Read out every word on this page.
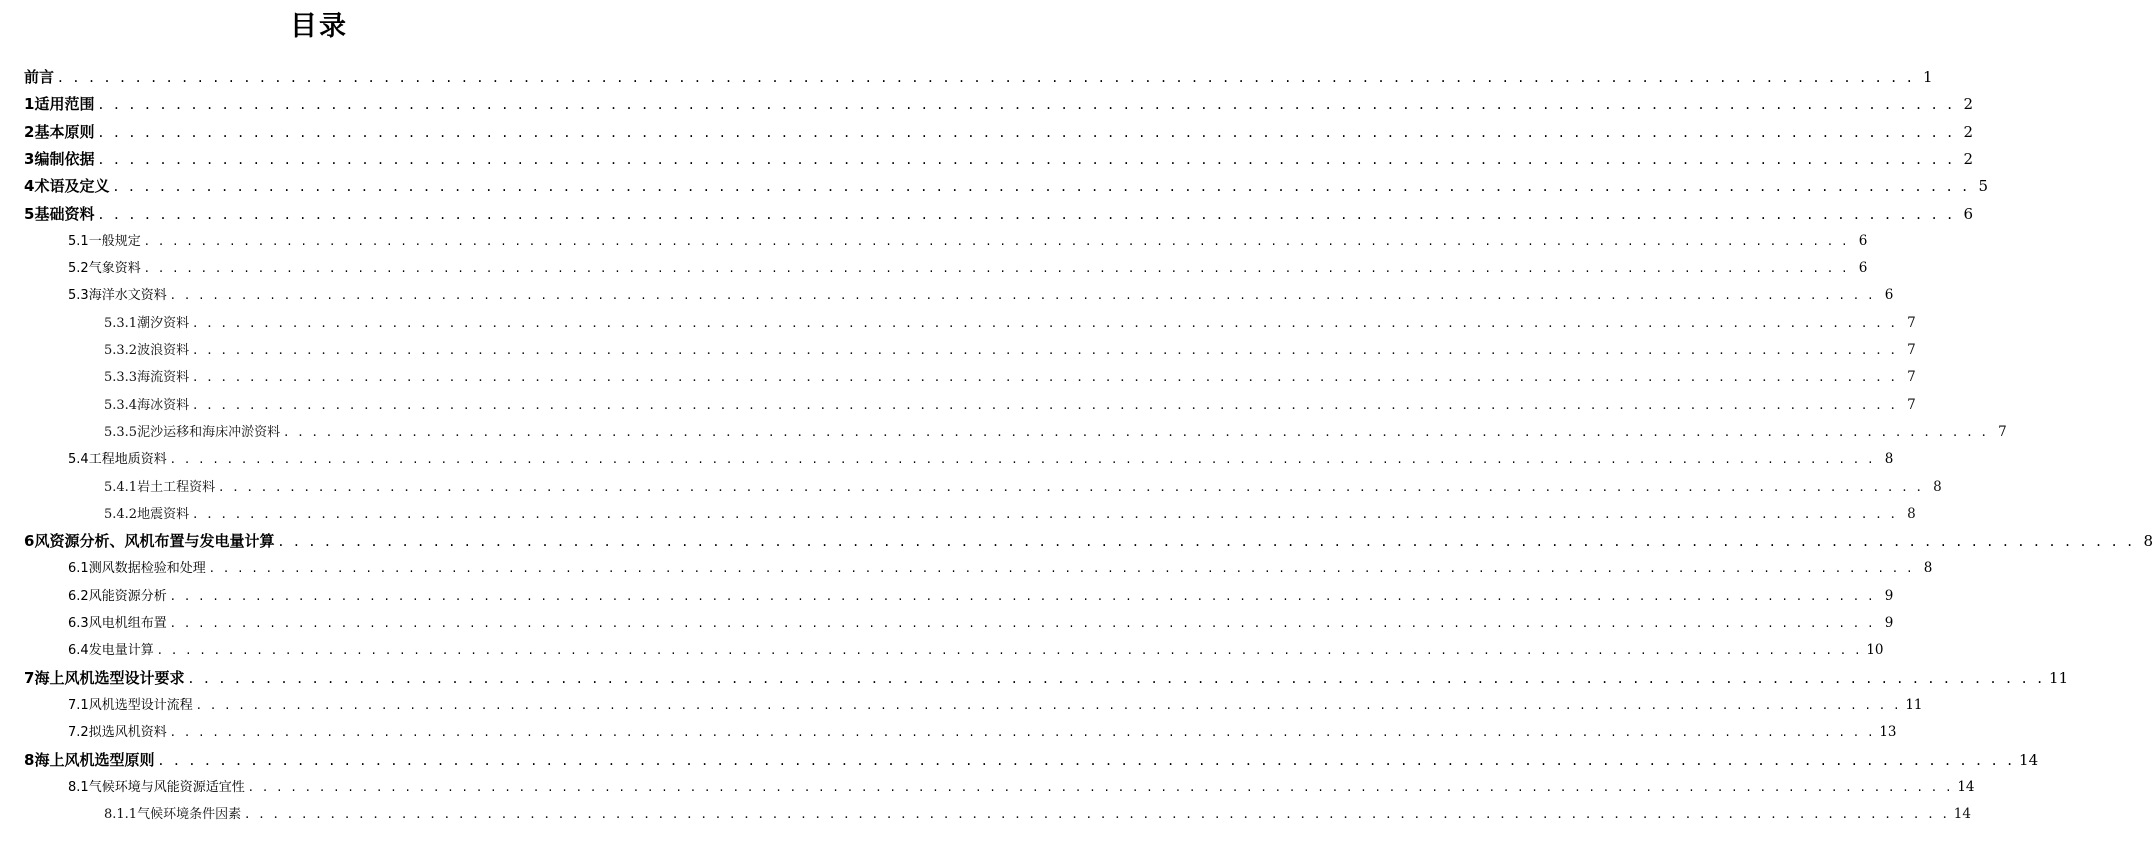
目录
前言 . . . . . . . . . . . . . . . . . . . . . . . . . . . . . . . . . . . . . . . . . . . . . . . . . . . . . . . . . . . . . . . . . . . . . . . . . . . . . . . . . . . . . . . . . . . . . . . . . . . . . . . . . . . . . . . . . . . . . . . . 1
1 适用范围 . . . . . . . . . . . . . . . . . . . . . . . . . . . . . . . . . . . . . . . . . . . . . . . . . . . . . . . . . . . . . . . . . . . . . . . . . . . . . . . . . . . . . . . . . . . . . . . . . . . . . . . . . . . . . . . . . . . . . . . . 2
2 基本原则 . . . . . . . . . . . . . . . . . . . . . . . . . . . . . . . . . . . . . . . . . . . . . . . . . . . . . . . . . . . . . . . . . . . . . . . . . . . . . . . . . . . . . . . . . . . . . . . . . . . . . . . . . . . . . . . . . . . . . . . . 2
3 编制依据 . . . . . . . . . . . . . . . . . . . . . . . . . . . . . . . . . . . . . . . . . . . . . . . . . . . . . . . . . . . . . . . . . . . . . . . . . . . . . . . . . . . . . . . . . . . . . . . . . . . . . . . . . . . . . . . . . . . . . . . . 2
4 术语及定义 . . . . . . . . . . . . . . . . . . . . . . . . . . . . . . . . . . . . . . . . . . . . . . . . . . . . . . . . . . . . . . . . . . . . . . . . . . . . . . . . . . . . . . . . . . . . . . . . . . . . . . . . . . . . . . . . . . . . . . . . 5
5 基础资料 . . . . . . . . . . . . . . . . . . . . . . . . . . . . . . . . . . . . . . . . . . . . . . . . . . . . . . . . . . . . . . . . . . . . . . . . . . . . . . . . . . . . . . . . . . . . . . . . . . . . . . . . . . . . . . . . . . . . . . . . 6
5.1 一般规定 . . . . . . . . . . . . . . . . . . . . . . . . . . . . . . . . . . . . . . . . . . . . . . . . . . . . . . . . . . . . . . . . . . . . . . . . . . . . . . . . . . . . . . . . . . . . . . . . . . . . . . . . . . . . . . . . . . . . . . . . 6
5.2 气象资料 . . . . . . . . . . . . . . . . . . . . . . . . . . . . . . . . . . . . . . . . . . . . . . . . . . . . . . . . . . . . . . . . . . . . . . . . . . . . . . . . . . . . . . . . . . . . . . . . . . . . . . . . . . . . . . . . . . . . . . . . 6
5.3 海洋水文资料 . . . . . . . . . . . . . . . . . . . . . . . . . . . . . . . . . . . . . . . . . . . . . . . . . . . . . . . . . . . . . . . . . . . . . . . . . . . . . . . . . . . . . . . . . . . . . . . . . . . . . . . . . . . . . . . . . . . . . . . . 6
5.3.1 潮汐资料 . . . . . . . . . . . . . . . . . . . . . . . . . . . . . . . . . . . . . . . . . . . . . . . . . . . . . . . . . . . . . . . . . . . . . . . . . . . . . . . . . . . . . . . . . . . . . . . . . . . . . . . . . . . . . . . . . . . . . . . . 7
5.3.2 波浪资料 . . . . . . . . . . . . . . . . . . . . . . . . . . . . . . . . . . . . . . . . . . . . . . . . . . . . . . . . . . . . . . . . . . . . . . . . . . . . . . . . . . . . . . . . . . . . . . . . . . . . . . . . . . . . . . . . . . . . . . . . 7
5.3.3 海流资料 . . . . . . . . . . . . . . . . . . . . . . . . . . . . . . . . . . . . . . . . . . . . . . . . . . . . . . . . . . . . . . . . . . . . . . . . . . . . . . . . . . . . . . . . . . . . . . . . . . . . . . . . . . . . . . . . . . . . . . . . 7
5.3.4 海冰资料 . . . . . . . . . . . . . . . . . . . . . . . . . . . . . . . . . . . . . . . . . . . . . . . . . . . . . . . . . . . . . . . . . . . . . . . . . . . . . . . . . . . . . . . . . . . . . . . . . . . . . . . . . . . . . . . . . . . . . . . . 7
5.3.5 泥沙运移和海床冲淤资料 . . . . . . . . . . . . . . . . . . . . . . . . . . . . . . . . . . . . . . . . . . . . . . . . . . . . . . . . . . . . . . . . . . . . . . . . . . . . . . . . . . . . . . . . . . . . . . . . . . . . . . . . . . . . . . . . . . . . . . . . 7
5.4 工程地质资料 . . . . . . . . . . . . . . . . . . . . . . . . . . . . . . . . . . . . . . . . . . . . . . . . . . . . . . . . . . . . . . . . . . . . . . . . . . . . . . . . . . . . . . . . . . . . . . . . . . . . . . . . . . . . . . . . . . . . . . . . 8
5.4.1 岩土工程资料 . . . . . . . . . . . . . . . . . . . . . . . . . . . . . . . . . . . . . . . . . . . . . . . . . . . . . . . . . . . . . . . . . . . . . . . . . . . . . . . . . . . . . . . . . . . . . . . . . . . . . . . . . . . . . . . . . . . . . . . . 8
5.4.2 地震资料 . . . . . . . . . . . . . . . . . . . . . . . . . . . . . . . . . . . . . . . . . . . . . . . . . . . . . . . . . . . . . . . . . . . . . . . . . . . . . . . . . . . . . . . . . . . . . . . . . . . . . . . . . . . . . . . . . . . . . . . . 8
6 风资源分析、风机布置与发电量计算 . . . . . . . . . . . . . . . . . . . . . . . . . . . . . . . . . . . . . . . . . . . . . . . . . . . . . . . . . . . . . . . . . . . . . . . . . . . . . . . . . . . . . . . . . . . . . . . . . . . . . . . . . . . . . . . . . . . . . . . . 8
6.1 测风数据检验和处理 . . . . . . . . . . . . . . . . . . . . . . . . . . . . . . . . . . . . . . . . . . . . . . . . . . . . . . . . . . . . . . . . . . . . . . . . . . . . . . . . . . . . . . . . . . . . . . . . . . . . . . . . . . . . . . . . . . . . . . . . 8
6.2 风能资源分析 . . . . . . . . . . . . . . . . . . . . . . . . . . . . . . . . . . . . . . . . . . . . . . . . . . . . . . . . . . . . . . . . . . . . . . . . . . . . . . . . . . . . . . . . . . . . . . . . . . . . . . . . . . . . . . . . . . . . . . . . 9
6.3 风电机组布置 . . . . . . . . . . . . . . . . . . . . . . . . . . . . . . . . . . . . . . . . . . . . . . . . . . . . . . . . . . . . . . . . . . . . . . . . . . . . . . . . . . . . . . . . . . . . . . . . . . . . . . . . . . . . . . . . . . . . . . . . 9
6.4 发电量计算 . . . . . . . . . . . . . . . . . . . . . . . . . . . . . . . . . . . . . . . . . . . . . . . . . . . . . . . . . . . . . . . . . . . . . . . . . . . . . . . . . . . . . . . . . . . . . . . . . . . . . . . . . . . . . . . . . . . . . . . . 10
7 海上风机选型设计要求 . . . . . . . . . . . . . . . . . . . . . . . . . . . . . . . . . . . . . . . . . . . . . . . . . . . . . . . . . . . . . . . . . . . . . . . . . . . . . . . . . . . . . . . . . . . . . . . . . . . . . . . . . . . . . . . . . . . . . . . . 11
7.1 风机选型设计流程 . . . . . . . . . . . . . . . . . . . . . . . . . . . . . . . . . . . . . . . . . . . . . . . . . . . . . . . . . . . . . . . . . . . . . . . . . . . . . . . . . . . . . . . . . . . . . . . . . . . . . . . . . . . . . . . . . . . . . . . . 11
7.2 拟选风机资料 . . . . . . . . . . . . . . . . . . . . . . . . . . . . . . . . . . . . . . . . . . . . . . . . . . . . . . . . . . . . . . . . . . . . . . . . . . . . . . . . . . . . . . . . . . . . . . . . . . . . . . . . . . . . . . . . . . . . . . . . 13
8 海上风机选型原则 . . . . . . . . . . . . . . . . . . . . . . . . . . . . . . . . . . . . . . . . . . . . . . . . . . . . . . . . . . . . . . . . . . . . . . . . . . . . . . . . . . . . . . . . . . . . . . . . . . . . . . . . . . . . . . . . . . . . . . . . 14
8.1 气候环境与风能资源适宜性 . . . . . . . . . . . . . . . . . . . . . . . . . . . . . . . . . . . . . . . . . . . . . . . . . . . . . . . . . . . . . . . . . . . . . . . . . . . . . . . . . . . . . . . . . . . . . . . . . . . . . . . . . . . . . . . . . . . . . . . . 14
8.1.1 气候环境条件因素 . . . . . . . . . . . . . . . . . . . . . . . . . . . . . . . . . . . . . . . . . . . . . . . . . . . . . . . . . . . . . . . . . . . . . . . . . . . . . . . . . . . . . . . . . . . . . . . . . . . . . . . . . . . . . . . . . . . . . . . . 14
